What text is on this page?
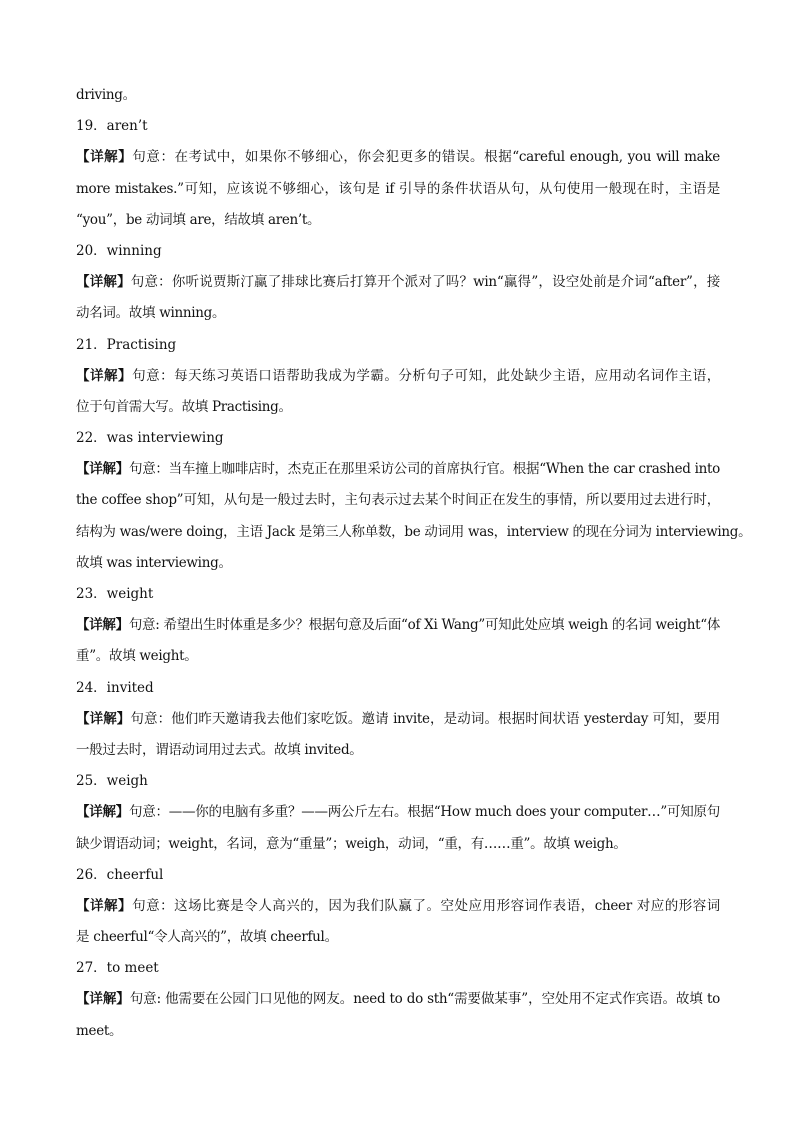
driving。
19．aren’t
【详解】句意：在考试中，如果你不够细心，你会犯更多的错误。根据“careful enough, you will make
more mistakes.”可知，应该说不够细心，该句是 if 引导的条件状语从句，从句使用一般现在时，主语是
“you”，be 动词填 are，结故填 aren’t。
20．winning
【详解】句意：你听说贾斯汀赢了排球比赛后打算开个派对了吗？win“赢得”，设空处前是介词“after”，接
动名词。故填 winning。
21．Practising
【详解】句意：每天练习英语口语帮助我成为学霸。分析句子可知，此处缺少主语，应用动名词作主语，
位于句首需大写。故填 Practising。
22．was interviewing
【详解】句意：当车撞上咖啡店时，杰克正在那里采访公司的首席执行官。根据“When the car crashed into
the coffee shop”可知，从句是一般过去时，主句表示过去某个时间正在发生的事情，所以要用过去进行时，
结构为 was/were doing，主语 Jack 是第三人称单数，be 动词用 was，interview 的现在分词为 interviewing。
故填 was interviewing。
23．weight
【详解】句意: 希望出生时体重是多少？根据句意及后面“of Xi Wang”可知此处应填 weigh 的名词 weight“体
重”。故填 weight。
24．invited
【详解】句意：他们昨天邀请我去他们家吃饭。邀请 invite，是动词。根据时间状语 yesterday 可知，要用
一般过去时，谓语动词用过去式。故填 invited。
25．weigh
【详解】句意：——你的电脑有多重？——两公斤左右。根据“How much does your computer…”可知原句
缺少谓语动词；weight，名词，意为“重量”；weigh，动词，“重，有……重”。故填 weigh。
26．cheerful
【详解】句意：这场比赛是令人高兴的，因为我们队赢了。空处应用形容词作表语，cheer 对应的形容词
是 cheerful“令人高兴的”，故填 cheerful。
27．to meet
【详解】句意: 他需要在公园门口见他的网友。need to do sth“需要做某事”，空处用不定式作宾语。故填 to
meet。
